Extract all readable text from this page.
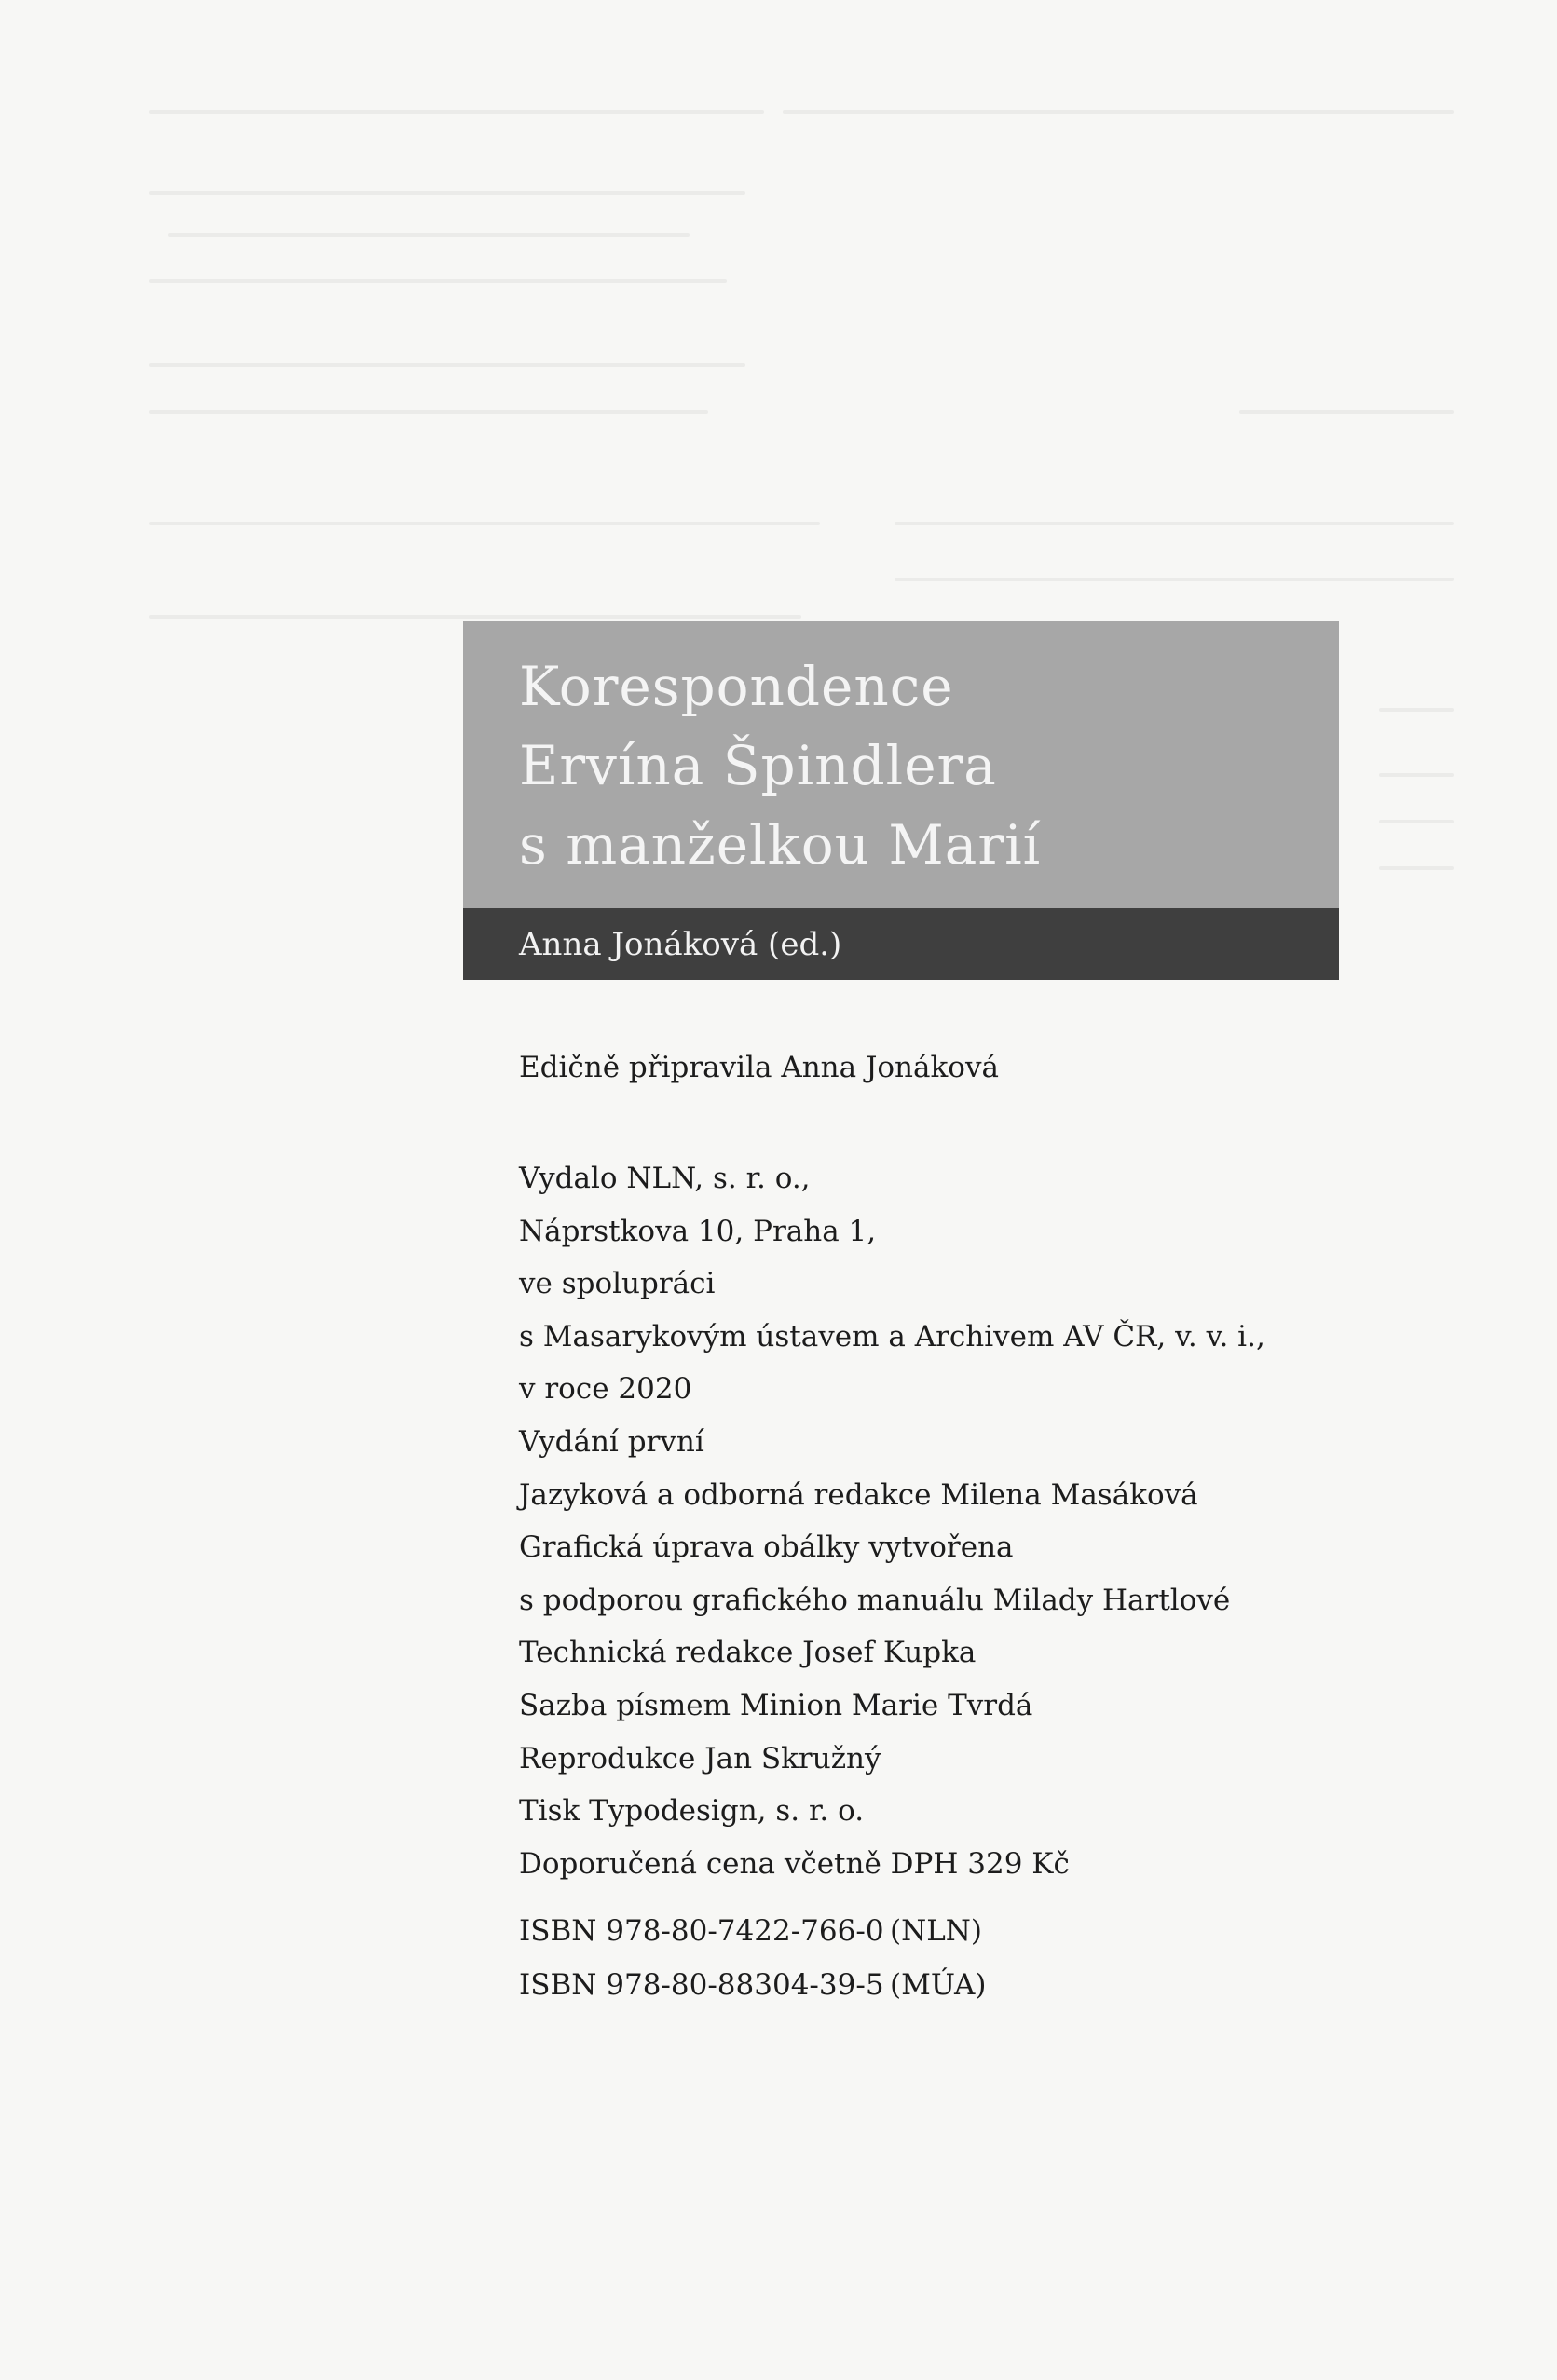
Korespondence
Ervína Špindlera
s manželkou Marií
Anna Jonáková (ed.)
Edičně připravila Anna Jonáková
Vydalo NLN, s. r. o.,
Náprstkova 10, Praha 1,
ve spolupráci
s Masarykovým ústavem a Archivem AV ČR, v. v. i.,
v roce 2020
Vydání první
Jazyková a odborná redakce Milena Masáková
Grafická úprava obálky vytvořena
s podporou grafického manuálu Milady Hartlové
Technická redakce Josef Kupka
Sazba písmem Minion Marie Tvrdá
Reprodukce Jan Skružný
Tisk Typodesign, s. r. o.
Doporučená cena včetně DPH 329 Kč
ISBN 978-80-7422-766-0 (NLN)
ISBN 978-80-88304-39-5 (MÚA)
